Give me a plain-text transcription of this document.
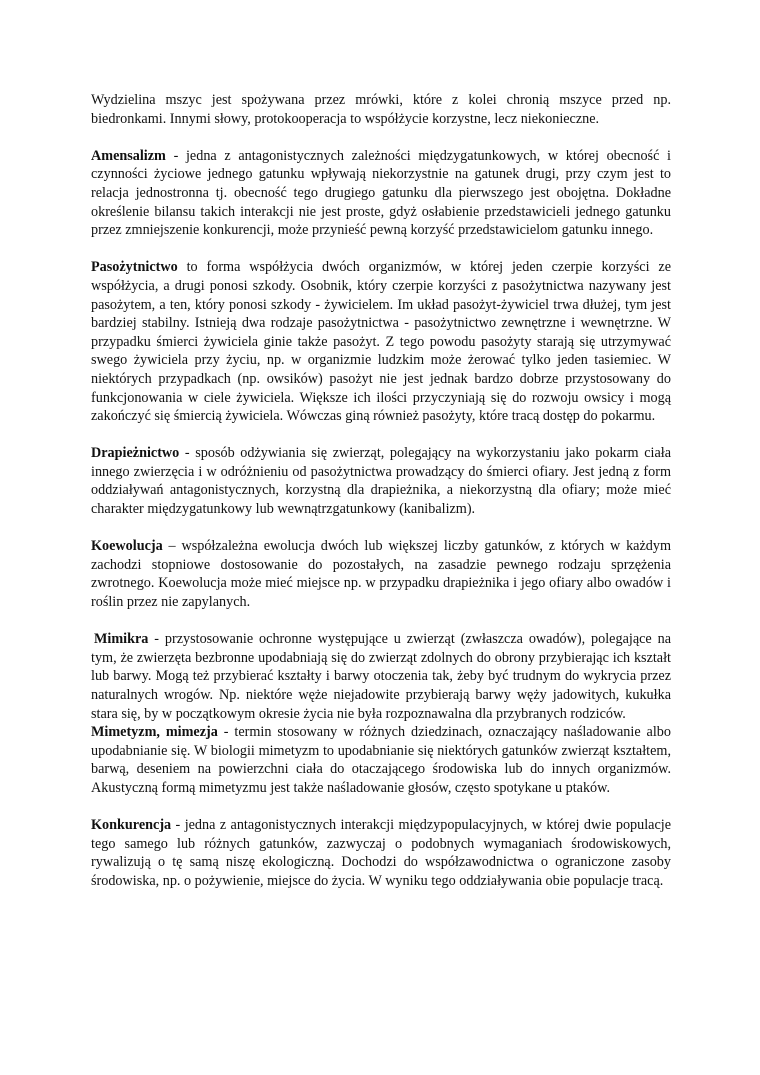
Wydzielina mszyc jest spożywana przez mrówki, które z kolei chronią mszyce przed np. biedronkami. Innymi słowy, protokooperacja to współżycie korzystne, lecz niekonieczne.

Amensalizm - jedna z antagonistycznych zależności międzygatunkowych, w której obecność i czynności życiowe jednego gatunku wpływają niekorzystnie na gatunek drugi, przy czym jest to relacja jednostronna tj. obecność tego drugiego gatunku dla pierwszego jest obojętna. Dokładne określenie bilansu takich interakcji nie jest proste, gdyż osłabienie przedstawicieli jednego gatunku przez zmniejszenie konkurencji, może przynieść pewną korzyść przedstawicielom gatunku innego.

Pasożytnictwo to forma współżycia dwóch organizmów, w której jeden czerpie korzyści ze współżycia, a drugi ponosi szkody. Osobnik, który czerpie korzyści z pasożytnictwa nazywany jest pasożytem, a ten, który ponosi szkody - żywicielem. Im układ pasożyt-żywiciel trwa dłużej, tym jest bardziej stabilny. Istnieją dwa rodzaje pasożytnictwa - pasożytnictwo zewnętrzne i wewnętrzne. W przypadku śmierci żywiciela ginie także pasożyt. Z tego powodu pasożyty starają się utrzymywać swego żywiciela przy życiu, np. w organizmie ludzkim może żerować tylko jeden tasiemiec. W niektórych przypadkach (np. owsików) pasożyt nie jest jednak bardzo dobrze przystosowany do funkcjonowania w ciele żywiciela. Większe ich ilości przyczyniają się do rozwoju owsicy i mogą zakończyć się śmiercią żywiciela. Wówczas giną również pasożyty, które tracą dostęp do pokarmu.

Drapieżnictwo - sposób odżywiania się zwierząt, polegający na wykorzystaniu jako pokarm ciała innego zwierzęcia i w odróżnieniu od pasożytnictwa prowadzący do śmierci ofiary. Jest jedną z form oddziaływań antagonistycznych, korzystną dla drapieżnika, a niekorzystną dla ofiary; może mieć charakter międzygatunkowy lub wewnątrzgatunkowy (kanibalizm).

Koewolucja – współzależna ewolucja dwóch lub większej liczby gatunków, z których w każdym zachodzi stopniowe dostosowanie do pozostałych, na zasadzie pewnego rodzaju sprzężenia zwrotnego. Koewolucja może mieć miejsce np. w przypadku drapieżnika i jego ofiary albo owadów i roślin przez nie zapylanych.

Mimikra - przystosowanie ochronne występujące u zwierząt (zwłaszcza owadów), polegające na tym, że zwierzęta bezbronne upodabniają się do zwierząt zdolnych do obrony przybierając ich kształt lub barwy. Mogą też przybierać kształty i barwy otoczenia tak, żeby być trudnym do wykrycia przez naturalnych wrogów. Np. niektóre węże niejadowite przybierają barwy węży jadowitych, kukułka stara się, by w początkowym okresie życia nie była rozpoznawalna dla przybranych rodziców.

Mimetyzm, mimezja - termin stosowany w różnych dziedzinach, oznaczający naśladowanie albo upodabnianie się. W biologii mimetyzm to upodabnianie się niektórych gatunków zwierząt kształtem, barwą, deseniem na powierzchni ciała do otaczającego środowiska lub do innych organizmów. Akustyczną formą mimetyzmu jest także naśladowanie głosów, często spotykane u ptaków.

Konkurencja - jedna z antagonistycznych interakcji międzypopulacyjnych, w której dwie populacje tego samego lub różnych gatunków, zazwyczaj o podobnych wymaganiach środowiskowych, rywalizują o tę samą niszę ekologiczną. Dochodzi do współzawodnictwa o ograniczone zasoby środowiska, np. o pożywienie, miejsce do życia. W wyniku tego oddziaływania obie populacje tracą.
